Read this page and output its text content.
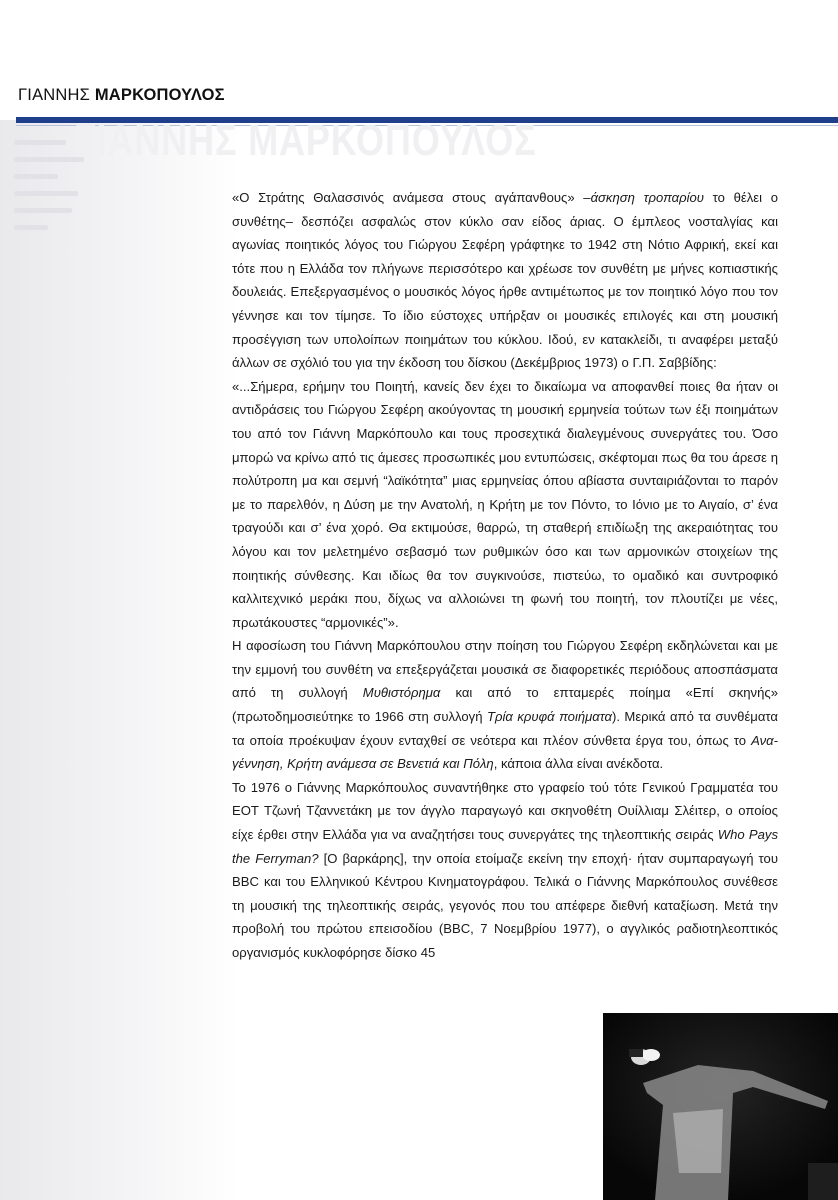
ΓΙΑΝΝΗΣ ΜΑΡΚΟΠΟΥΛΟΣ
ΓΙΑΝΝΗΣ ΜΑΡΚΟΠΟΥΛΟΣ

«Ο Στράτης Θαλασσινός ανάμεσα στους αγάπανθους» –άσκηση τροπαρίου το θέλει ο συνθέτης– δεσπόζει ασφαλώς στον κύκλο σαν είδος άριας. Ο έμπλεος νοσταλγίας και αγωνίας ποιητικός λόγος του Γιώργου Σεφέρη γράφτηκε το 1942 στη Νότιο Αφρική, εκεί και τότε που η Ελλάδα τον πλήγωνε περισσότερο και χρέωσε τον συνθέτη με μήνες κοπιαστικής δουλειάς. Επεξεργασμένος ο μουσικός λόγος ήρθε αντιμέτωπος με τον ποιητικό λόγο που τον γέννησε και τον τίμησε. Το ίδιο εύστοχες υπήρξαν οι μουσικές επιλογές και στη μουσική προσέγγιση των υπολοίπων ποιημάτων του κύκλου. Ιδού, εν κατακλείδι, τι αναφέρει μεταξύ άλλων σε σχόλιό του για την έκδοση του δίσκου (Δεκέμβριος 1973) ο Γ.Π. Σαββίδης:

«...Σήμερα, ερήμην του Ποιητή, κανείς δεν έχει το δικαίωμα να αποφανθεί ποιες θα ήταν οι αντιδράσεις του Γιώργου Σεφέρη ακούγοντας τη μουσική ερμηνεία τούτων των έξι ποιημάτων του από τον Γιάννη Μαρκόπουλο και τους προσεχτικά διαλεγμένους συνεργάτες του. Όσο μπορώ να κρίνω από τις άμεσες προσωπικές μου εντυπώσεις, σκέφτομαι πως θα του άρεσε η πολύτροπη μα και σεμνή “λαϊκότητα” μιας ερμηνείας όπου αβίαστα συνταιριάζονται το παρόν με το παρελθόν, η Δύση με την Ανατολή, η Κρήτη με τον Πόντο, το Ιόνιο με το Αιγαίο, σ’ ένα τραγούδι και σ’ ένα χορό. Θα εκτιμούσε, θαρρώ, τη σταθερή επιδίωξη της ακεραιότητας του λόγου και τον μελετημένο σεβασμό των ρυθμικών όσο και των αρμονικών στοιχείων της ποιητικής σύνθεσης. Και ιδίως θα τον συγκινούσε, πιστεύω, το ομαδικό και συντροφικό καλλιτεχνικό μεράκι που, δίχως να αλλοιώνει τη φωνή του ποιητή, τον πλουτίζει με νέες, πρωτάκουστες “αρμονικές”».

Η αφοσίωση του Γιάννη Μαρκόπουλου στην ποίηση του Γιώργου Σεφέρη εκδηλώνεται και με την εμμονή του συνθέτη να επεξεργάζεται μουσικά σε διαφορετικές περιόδους αποσπάσματα από τη συλλογή Μυθιστόρημα και από το επταμερές ποίημα «Επί σκηνής» (πρωτοδημοσιεύτηκε το 1966 στη συλλογή Τρία κρυφά ποιήματα). Μερικά από τα συνθέματα τα οποία προέκυψαν έχουν ενταχθεί σε νεότερα και πλέον σύνθετα έργα του, όπως το Ανα-γέννηση, Κρήτη ανάμεσα σε Βενετιά και Πόλη, κάποια άλλα είναι ανέκδοτα.

Το 1976 ο Γιάννης Μαρκόπουλος συναντήθηκε στο γραφείο τού τότε Γενικού Γραμματέα του ΕΟΤ Τζωνή Τζαννετάκη με τον άγγλο παραγωγό και σκηνοθέτη Ουίλλιαμ Σλέιτερ, ο οποίος είχε έρθει στην Ελλάδα για να αναζητήσει τους συνεργάτες της τηλεοπτικής σειράς Who Pays the Ferryman? [Ο βαρκάρης], την οποία ετοίμαζε εκείνη την εποχή· ήταν συμπαραγωγή του BBC και του Ελληνικού Κέντρου Κινηματογράφου. Τελικά ο Γιάννης Μαρκόπουλος συνέθεσε τη μουσική της τηλεοπτικής σειράς, γεγονός που του απέφερε διεθνή καταξίωση. Μετά την προβολή του πρώτου επεισοδίου (BBC, 7 Νοεμβρίου 1977), ο αγγλικός ραδιοτηλεοπτικός οργανισμός κυκλοφόρησε δίσκο 45
